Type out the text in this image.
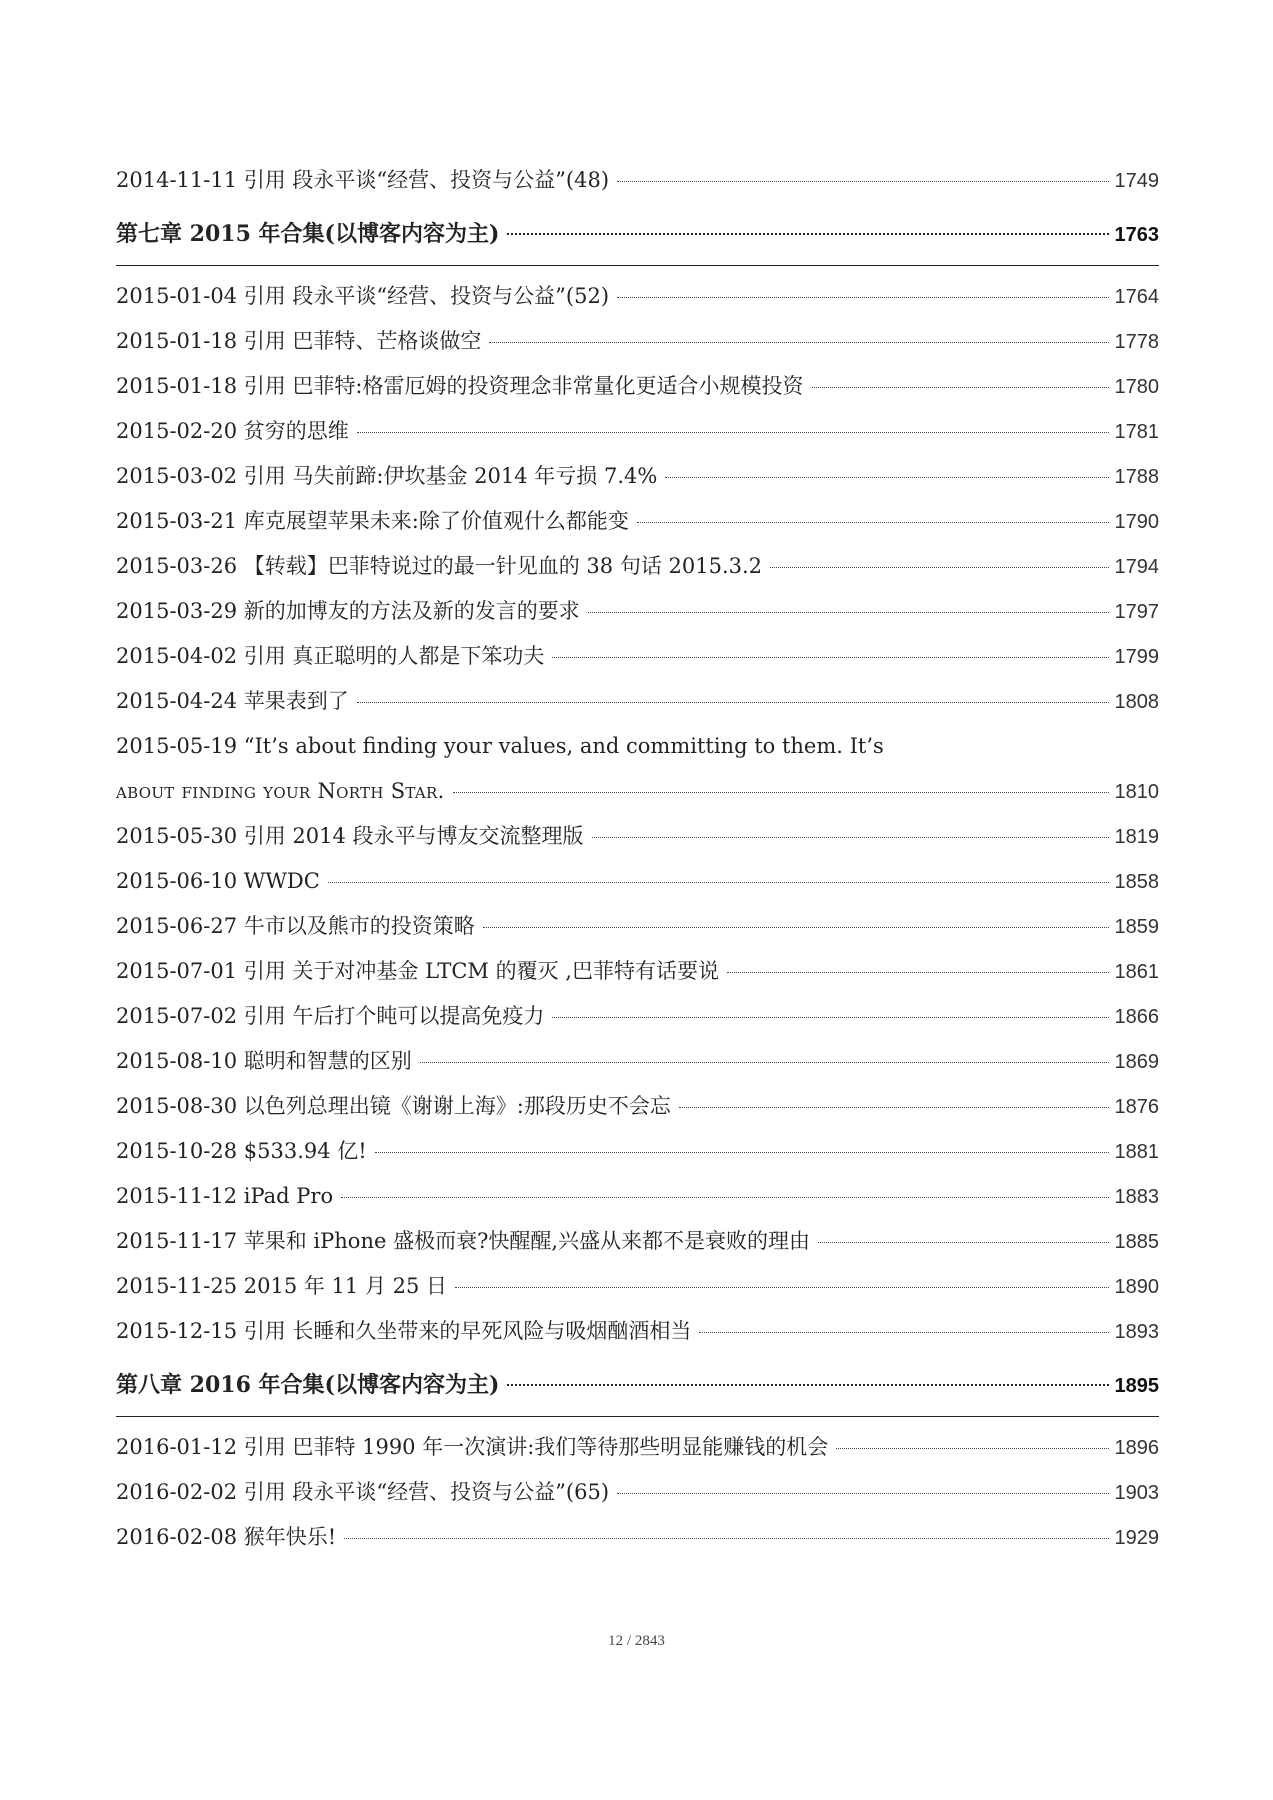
2014-11-11 引用 段永平谈“经营、投资与公益”(48)	1749
第七章 2015 年合集(以博客内容为主)	1763
2015-01-04 引用 段永平谈“经营、投资与公益”(52)	1764
2015-01-18 引用 巴菲特、芒格谈做空	1778
2015-01-18 引用 巴菲特:格雷厄姆的投资理念非常量化更适合小规模投资	1780
2015-02-20 贫穷的思维	1781
2015-03-02 引用 马失前蹄:伊坎基金 2014 年亏损 7.4%	1788
2015-03-21 库克展望苹果未来:除了价值观什么都能变	1790
2015-03-26 【转载】巴菲特说过的最一针见血的 38 句话 2015.3.2	1794
2015-03-29 新的加博友的方法及新的发言的要求	1797
2015-04-02 引用 真正聪明的人都是下笨功夫	1799
2015-04-24 苹果表到了	1808
2015-05-19 “It’s about finding your values, and committing to them. It’s
about finding your North Star.	1810
2015-05-30 引用 2014 段永平与博友交流整理版	1819
2015-06-10 WWDC	1858
2015-06-27 牛市以及熊市的投资策略	1859
2015-07-01 引用 关于对冲基金 LTCM 的覆灭 ,巴菲特有话要说	1861
2015-07-02 引用 午后打个盹可以提高免疫力	1866
2015-08-10 聪明和智慧的区别	1869
2015-08-30 以色列总理出镜《谢谢上海》:那段历史不会忘	1876
2015-10-28 $533.94 亿!	1881
2015-11-12 iPad Pro	1883
2015-11-17 苹果和 iPhone 盛极而衰?快醒醒,兴盛从来都不是衰败的理由	1885
2015-11-25 2015 年 11 月 25 日	1890
2015-12-15 引用 长睡和久坐带来的早死风险与吸烟酗酒相当	1893
第八章 2016 年合集(以博客内容为主)	1895
2016-01-12 引用 巴菲特 1990 年一次演讲:我们等待那些明显能赚钱的机会	1896
2016-02-02 引用 段永平谈“经营、投资与公益”(65)	1903
2016-02-08 猴年快乐!	1929
12 / 2843
